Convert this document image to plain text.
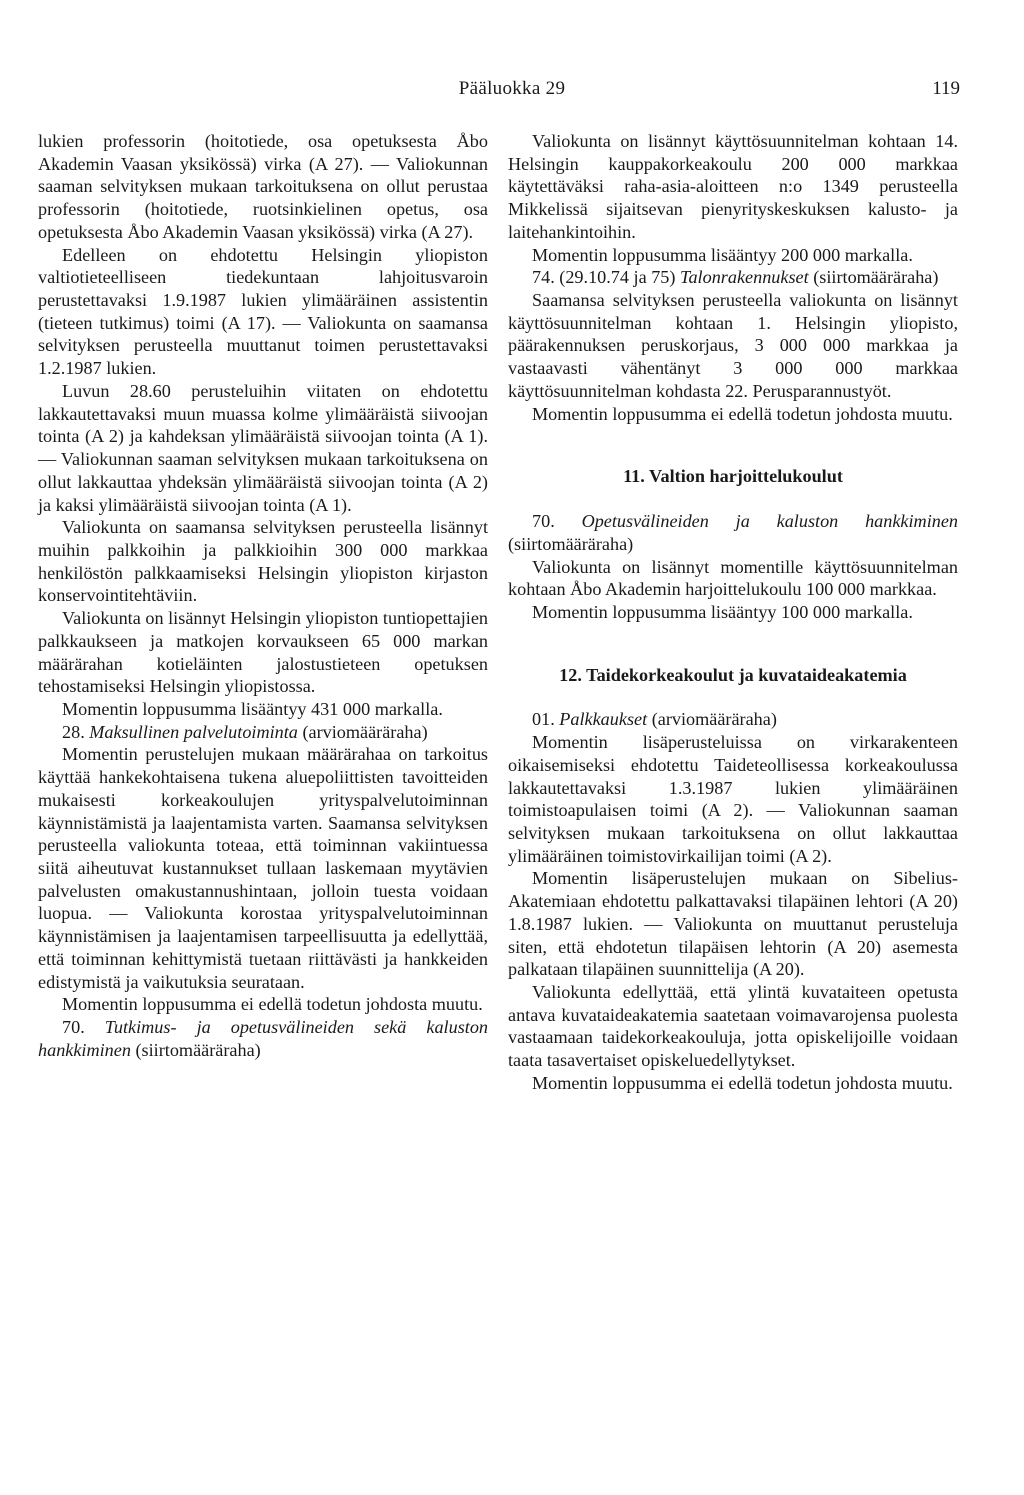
Pääluokka 29	119

lukien professorin (hoitotiede, osa opetuksesta Åbo Akademin Vaasan yksikössä) virka (A 27). — Valiokunnan saaman selvityksen mukaan tarkoituksena on ollut perustaa professorin (hoitotiede, ruotsinkielinen opetus, osa opetuksesta Åbo Akademin Vaasan yksikössä) virka (A 27).

Edelleen on ehdotettu Helsingin yliopiston valtiotieteelliseen tiedekuntaan lahjoitusvaroin perustettavaksi 1.9.1987 lukien ylimääräinen assistentin (tieteen tutkimus) toimi (A 17). — Valiokunta on saamansa selvityksen perusteella muuttanut toimen perustettavaksi 1.2.1987 lukien.

Luvun 28.60 perusteluihin viitaten on ehdotettu lakkautettavaksi muun muassa kolme ylimääräistä siivoojan tointa (A 2) ja kahdeksan ylimääräistä siivoojan tointa (A 1). — Valiokunnan saaman selvityksen mukaan tarkoituksena on ollut lakkauttaa yhdeksän ylimääräistä siivoojan tointa (A 2) ja kaksi ylimääräistä siivoojan tointa (A 1).

Valiokunta on saamansa selvityksen perusteella lisännyt muihin palkkoihin ja palkkioihin 300 000 markkaa henkilöstön palkkaamiseksi Helsingin yliopiston kirjaston konservointitehtäviin.

Valiokunta on lisännyt Helsingin yliopiston tuntiopettajien palkkaukseen ja matkojen korvaukseen 65 000 markan määrärahan kotieläinten jalostustieteen opetuksen tehostamiseksi Helsingin yliopistossa.

Momentin loppusumma lisääntyy 431 000 markalla.

28. Maksullinen palvelutoiminta (arviomääräraha)

Momentin perustelujen mukaan määrärahaa on tarkoitus käyttää hankekohtaisena tukena aluepoliittisten tavoitteiden mukaisesti korkeakoulujen yrityspalvelutoiminnan käynnistämistä ja laajentamista varten. Saamansa selvityksen perusteella valiokunta toteaa, että toiminnan vakiintuessa siitä aiheutuvat kustannukset tullaan laskemaan myytävien palvelusten omakustannushintaan, jolloin tuesta voidaan luopua. — Valiokunta korostaa yrityspalvelutoiminnan käynnistämisen ja laajentamisen tarpeellisuutta ja edellyttää, että toiminnan kehittymistä tuetaan riittävästi ja hankkeiden edistymistä ja vaikutuksia seurataan.

Momentin loppusumma ei edellä todetun johdosta muutu.

70. Tutkimus- ja opetusvälineiden sekä kaluston hankkiminen (siirtomääräraha)

Valiokunta on lisännyt käyttösuunnitelman kohtaan 14. Helsingin kauppakorkeakoulu 200 000 markkaa käytettäväksi raha-asia-aloitteen n:o 1349 perusteella Mikkelissä sijaitsevan pienyrityskeskuksen kalusto- ja laitehankintoihin.

Momentin loppusumma lisääntyy 200 000 markalla.

74. (29.10.74 ja 75) Talonrakennukset (siirtomääräraha)

Saamansa selvityksen perusteella valiokunta on lisännyt käyttösuunnitelman kohtaan 1. Helsingin yliopisto, päärakennuksen peruskorjaus, 3 000 000 markkaa ja vastaavasti vähentänyt 3 000 000 markkaa käyttösuunnitelman kohdasta 22. Perusparannustyöt.

Momentin loppusumma ei edellä todetun johdosta muutu.

11. Valtion harjoittelukoulut

70. Opetusvälineiden ja kaluston hankkiminen (siirtomääräraha)

Valiokunta on lisännyt momentille käyttösuunnitelman kohtaan Åbo Akademin harjoittelukoulu 100 000 markkaa.

Momentin loppusumma lisääntyy 100 000 markalla.

12. Taidekorkeakoulut ja kuvataideakatemia

01. Palkkaukset (arviomääräraha)

Momentin lisäperusteluissa on virkarakenteen oikaisemiseksi ehdotettu Taideteollisessa korkeakoulussa lakkautettavaksi 1.3.1987 lukien ylimääräinen toimistoapulaisen toimi (A 2). — Valiokunnan saaman selvityksen mukaan tarkoituksena on ollut lakkauttaa ylimääräinen toimistovirkailijan toimi (A 2).

Momentin lisäperustelujen mukaan on Sibelius-Akatemiaan ehdotettu palkattavaksi tilapäinen lehtori (A 20) 1.8.1987 lukien. — Valiokunta on muuttanut perusteluja siten, että ehdotetun tilapäisen lehtorin (A 20) asemesta palkataan tilapäinen suunnittelija (A 20).

Valiokunta edellyttää, että ylintä kuvataiteen opetusta antava kuvataideakatemia saatetaan voimavarojensa puolesta vastaamaan taidekorkeakouluja, jotta opiskelijoille voidaan taata tasavertaiset opiskeluedellytykset.

Momentin loppusumma ei edellä todetun johdosta muutu.
